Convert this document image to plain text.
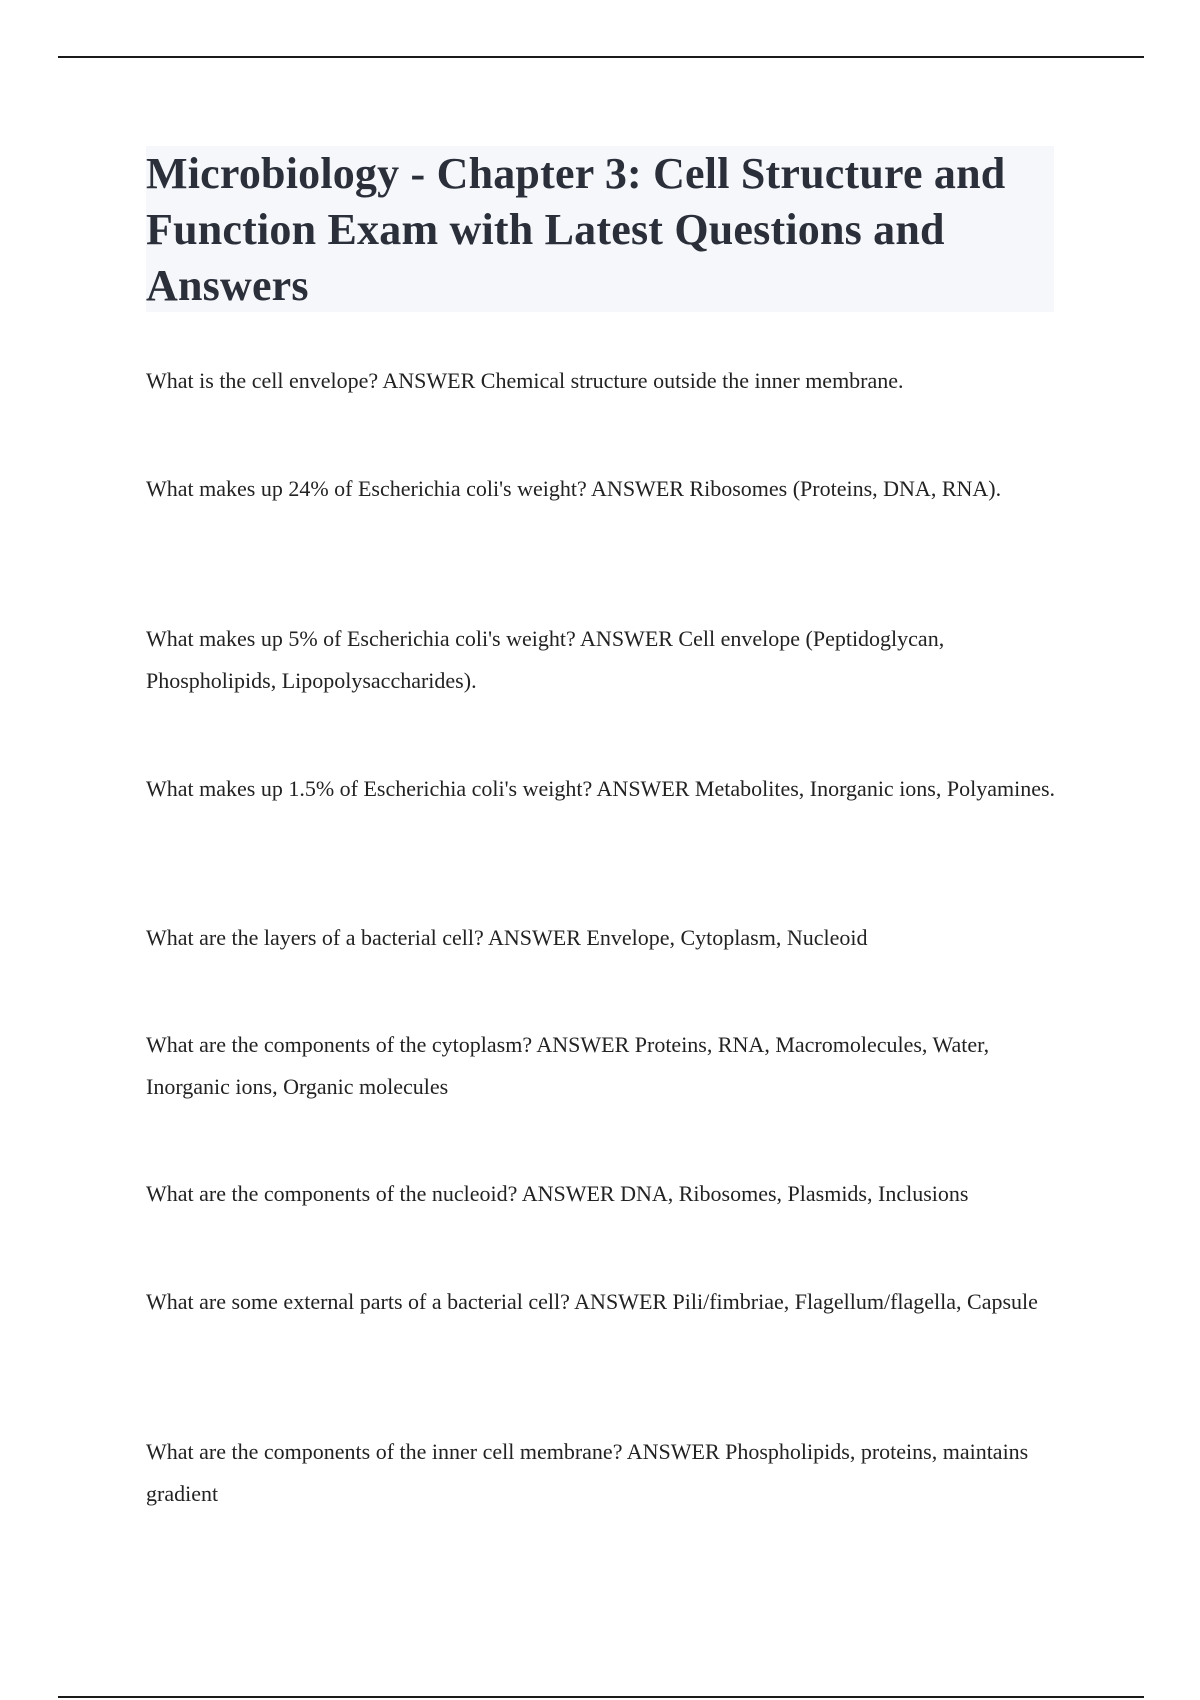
Microbiology - Chapter 3: Cell Structure and Function Exam with Latest Questions and Answers

What is the cell envelope? ANSWER Chemical structure outside the inner membrane.

What makes up 24% of Escherichia coli's weight? ANSWER Ribosomes (Proteins, DNA, RNA).

What makes up 5% of Escherichia coli's weight? ANSWER Cell envelope (Peptidoglycan, Phospholipids, Lipopolysaccharides).

What makes up 1.5% of Escherichia coli's weight? ANSWER Metabolites, Inorganic ions, Polyamines.

What are the layers of a bacterial cell? ANSWER Envelope, Cytoplasm, Nucleoid

What are the components of the cytoplasm? ANSWER Proteins, RNA, Macromolecules, Water, Inorganic ions, Organic molecules

What are the components of the nucleoid? ANSWER DNA, Ribosomes, Plasmids, Inclusions

What are some external parts of a bacterial cell? ANSWER Pili/fimbriae, Flagellum/flagella, Capsule

What are the components of the inner cell membrane? ANSWER Phospholipids, proteins, maintains gradient
